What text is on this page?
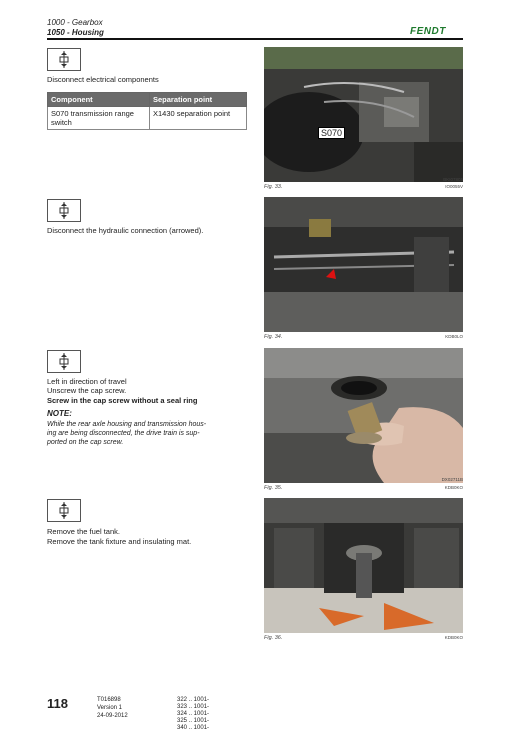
1000 - Gearbox
1050 - Housing	FENDT
Disconnect electrical components
Component	Separation point
S070 transmission range switch	X1430 separation point
S070
Fig. 33.
BKI07805
IO0055V
Disconnect the hydraulic connection (arrowed).
Fig. 34.	KDB0LO
Left in direction of travel
Unscrew the cap screw.
Screw in the cap screw without a seal ring
NOTE:
While the rear axle housing and transmission hous-
ing are being disconnected, the drive train is sup-
ported on the cap screw.
Fig. 35.
DX02711B
KDB0KO
Remove the fuel tank.
Remove the tank fixture and insulating mat.
Fig. 36.	KDB0KO
118	T016898
Version 1
24-09-2012
322 .. 1001-
323 .. 1001-
324 .. 1001-
325 .. 1001-
340 .. 1001-
